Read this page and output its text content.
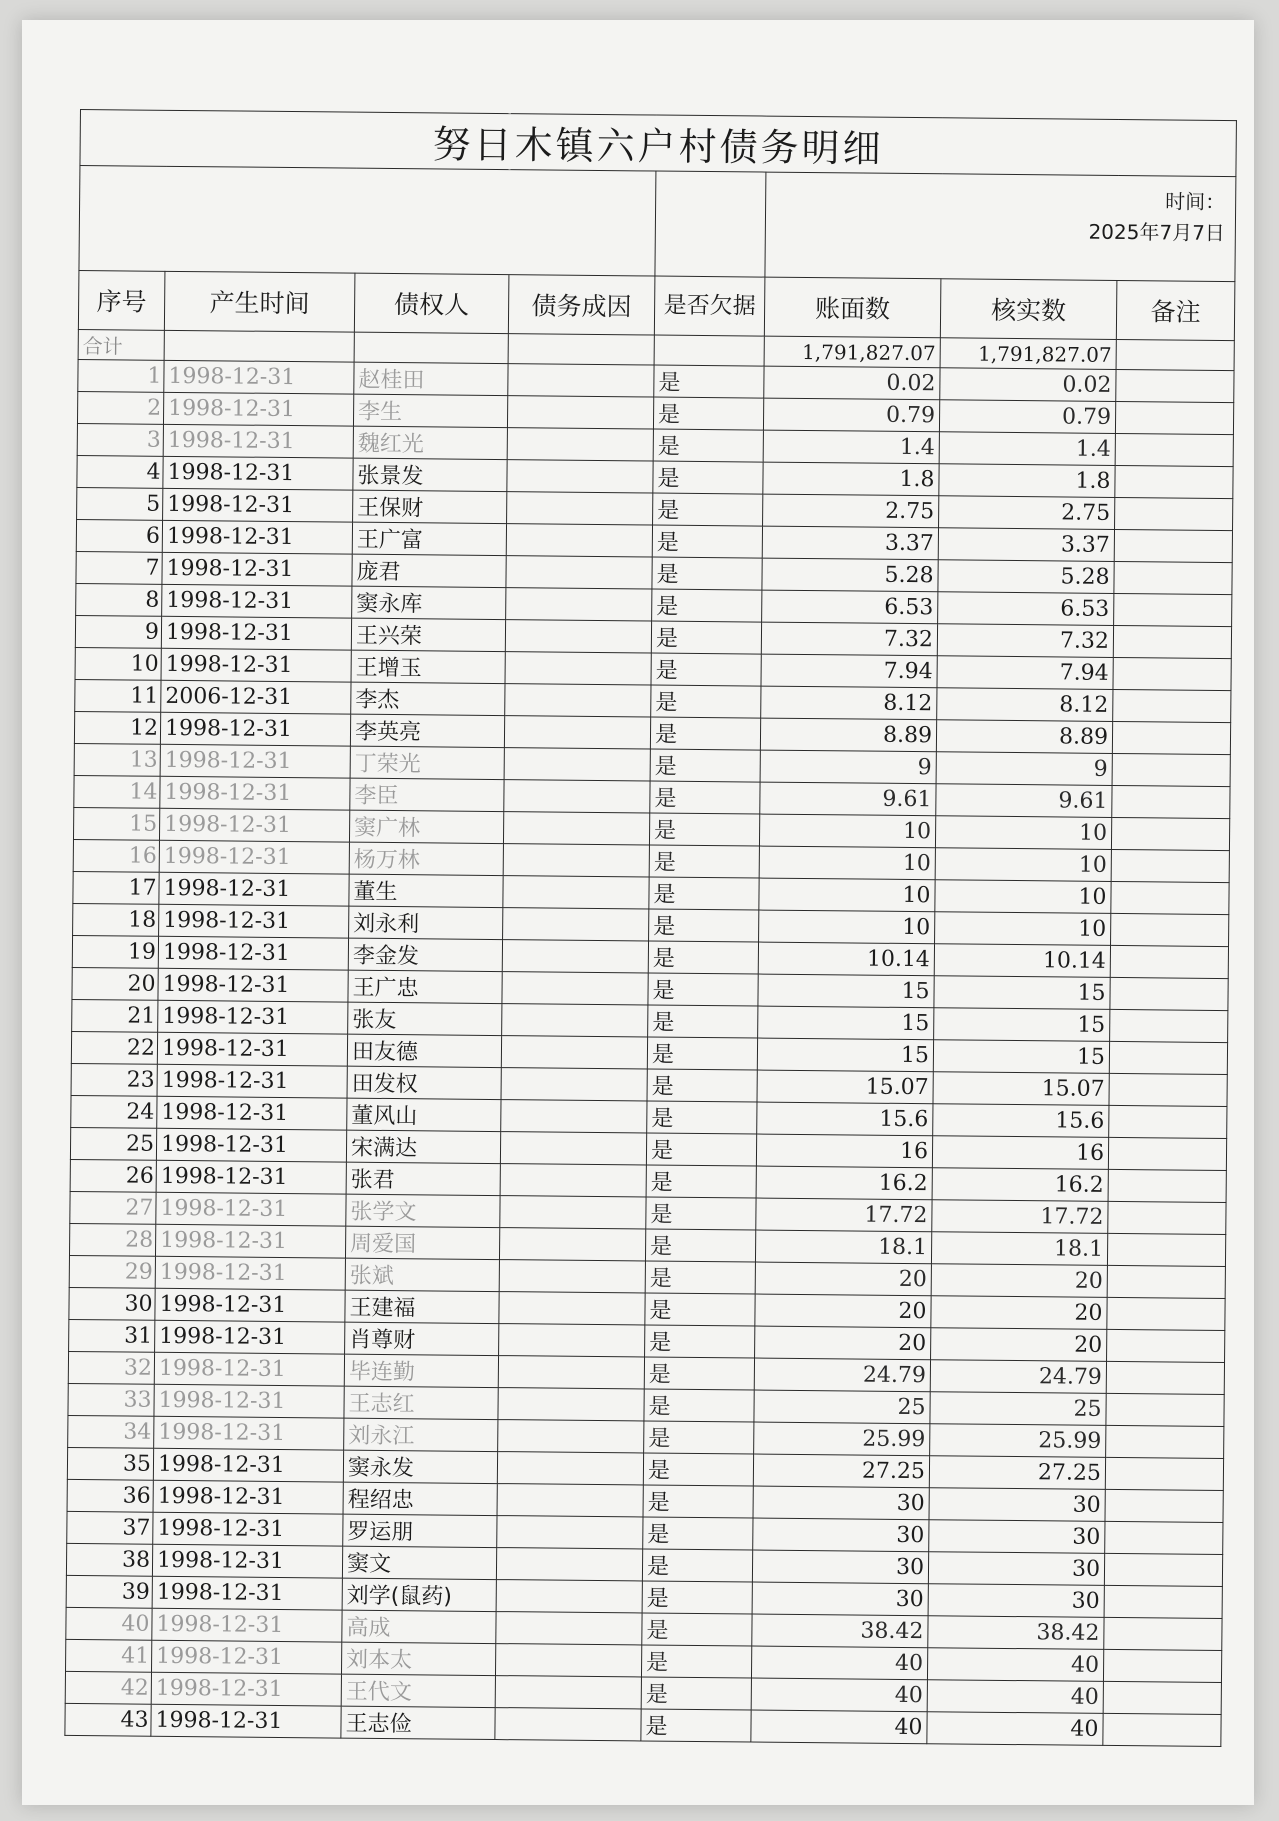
努日木镇六户村债务明细							
					时间：
2025年7月7日		
序号	产生时间	债权人	债务成因	是否欠据	账面数	核实数	备注
合计					1,791,827.07	1,791,827.07	
1	1998-12-31	赵桂田		是	0.02	0.02	
2	1998-12-31	李生		是	0.79	0.79	
3	1998-12-31	魏红光		是	1.4	1.4	
4	1998-12-31	张景发		是	1.8	1.8	
5	1998-12-31	王保财		是	2.75	2.75	
6	1998-12-31	王广富		是	3.37	3.37	
7	1998-12-31	庞君		是	5.28	5.28	
8	1998-12-31	窦永库		是	6.53	6.53	
9	1998-12-31	王兴荣		是	7.32	7.32	
10	1998-12-31	王增玉		是	7.94	7.94	
11	2006-12-31	李杰		是	8.12	8.12	
12	1998-12-31	李英亮		是	8.89	8.89	
13	1998-12-31	丁荣光		是	9	9	
14	1998-12-31	李臣		是	9.61	9.61	
15	1998-12-31	窦广林		是	10	10	
16	1998-12-31	杨万林		是	10	10	
17	1998-12-31	董生		是	10	10	
18	1998-12-31	刘永利		是	10	10	
19	1998-12-31	李金发		是	10.14	10.14	
20	1998-12-31	王广忠		是	15	15	
21	1998-12-31	张友		是	15	15	
22	1998-12-31	田友德		是	15	15	
23	1998-12-31	田发权		是	15.07	15.07	
24	1998-12-31	董风山		是	15.6	15.6	
25	1998-12-31	宋满达		是	16	16	
26	1998-12-31	张君		是	16.2	16.2	
27	1998-12-31	张学文		是	17.72	17.72	
28	1998-12-31	周爱国		是	18.1	18.1	
29	1998-12-31	张斌		是	20	20	
30	1998-12-31	王建福		是	20	20	
31	1998-12-31	肖尊财		是	20	20	
32	1998-12-31	毕连勤		是	24.79	24.79	
33	1998-12-31	王志红		是	25	25	
34	1998-12-31	刘永江		是	25.99	25.99	
35	1998-12-31	窦永发		是	27.25	27.25	
36	1998-12-31	程绍忠		是	30	30	
37	1998-12-31	罗运朋		是	30	30	
38	1998-12-31	窦文		是	30	30	
39	1998-12-31	刘学(鼠药)		是	30	30	
40	1998-12-31	高成		是	38.42	38.42	
41	1998-12-31	刘本太		是	40	40	
42	1998-12-31	王代文		是	40	40	
43	1998-12-31	王志俭		是	40	40	
